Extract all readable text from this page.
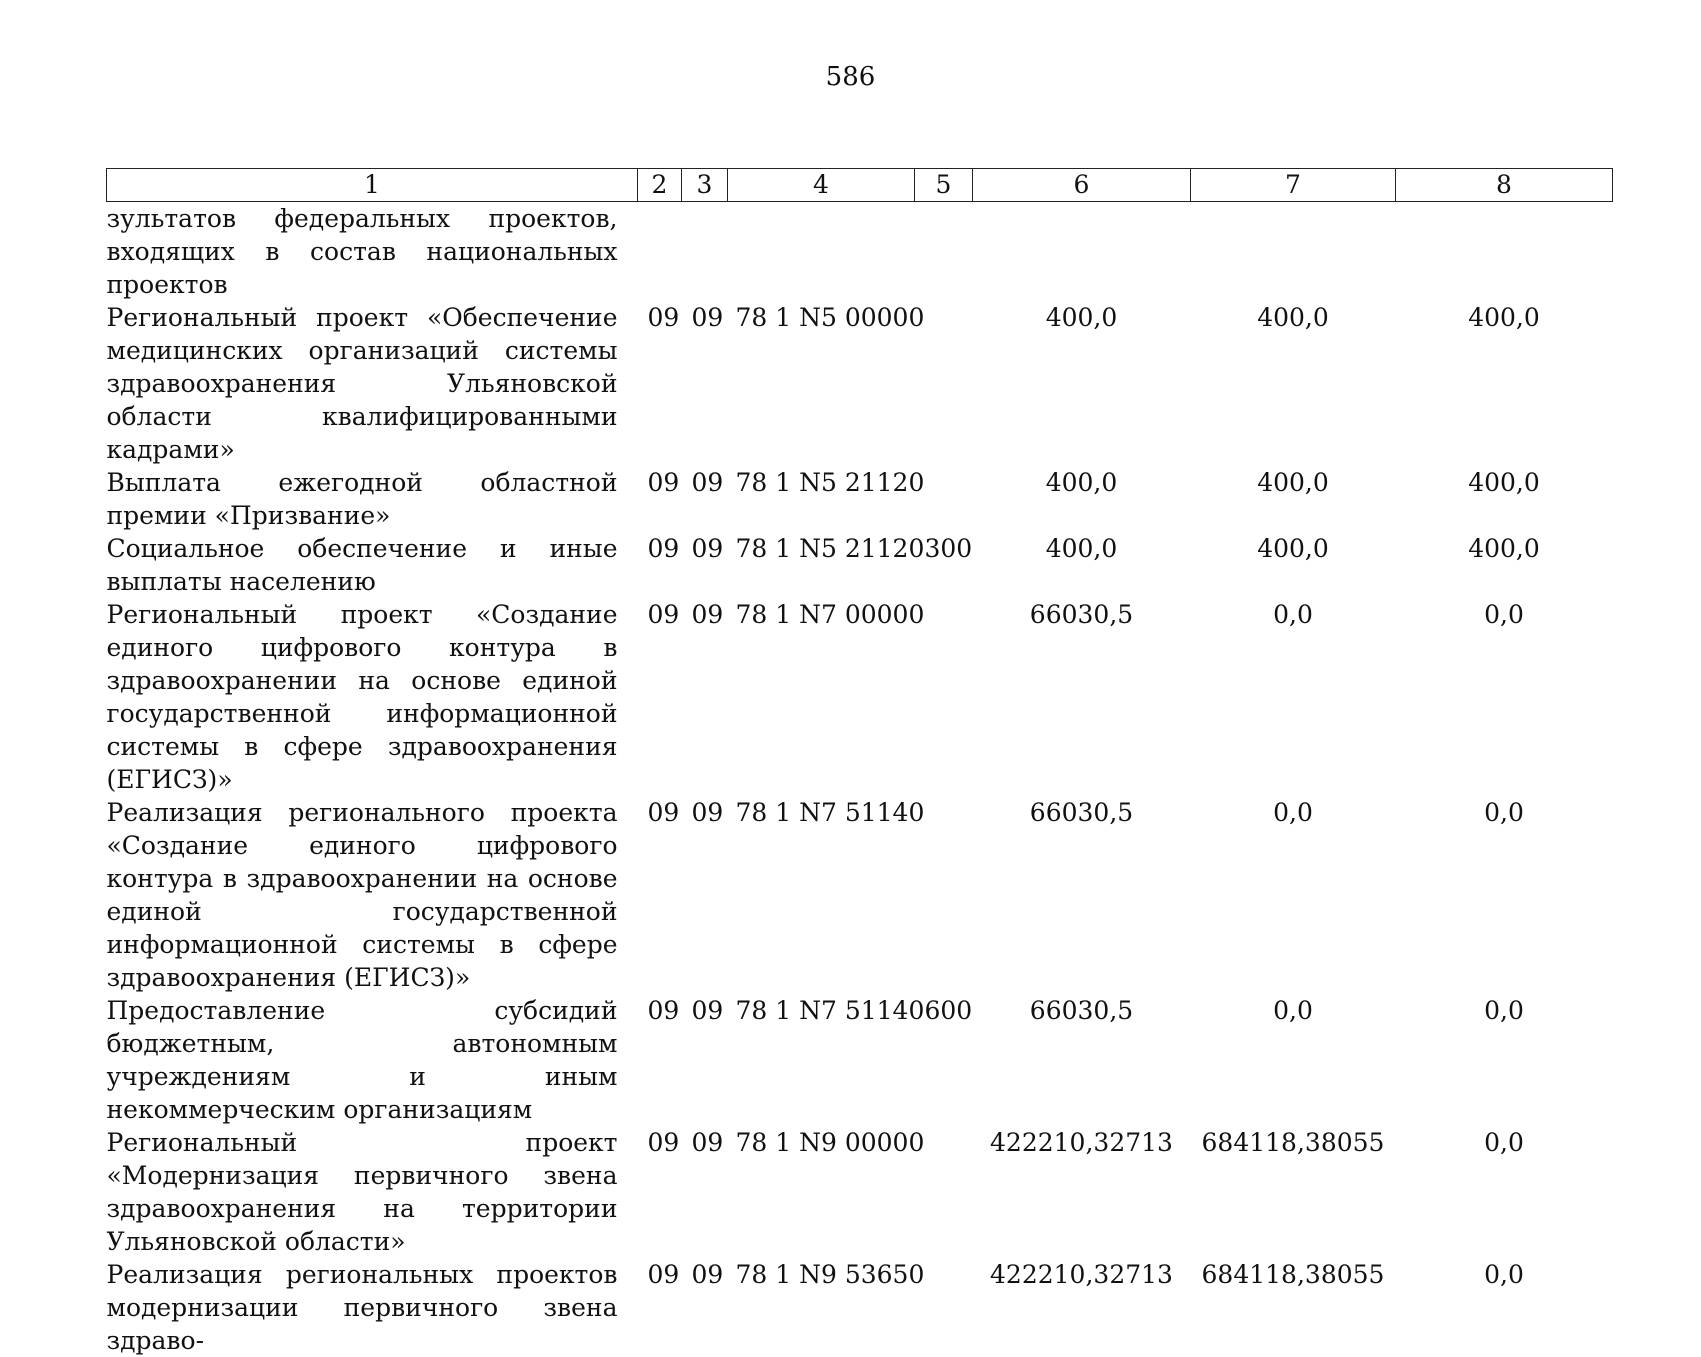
586
1	2	3	4	5	6	7	8
зультатов федеральных проектов, входящих в состав национальных проектов							
Региональный проект «Обеспечение медицинских организаций системы здравоохранения Ульяновской области квалифицированными кадрами»	09	09	78 1 N5 00000		400,0	400,0	400,0
Выплата ежегодной областной премии «Призвание»	09	09	78 1 N5 21120		400,0	400,0	400,0
Социальное обеспечение и иные выплаты населению	09	09	78 1 N5 21120	300	400,0	400,0	400,0
Региональный проект «Создание единого цифрового контура в здравоохранении на основе единой государственной информационной системы в сфере здравоохранения (ЕГИСЗ)»	09	09	78 1 N7 00000		66030,5	0,0	0,0
Реализация регионального проекта «Создание единого цифрового контура в здравоохранении на основе единой государственной информационной системы в сфере здравоохранения (ЕГИСЗ)»	09	09	78 1 N7 51140		66030,5	0,0	0,0
Предоставление субсидий бюджетным, автономным учреждениям и иным некоммерческим организациям	09	09	78 1 N7 51140	600	66030,5	0,0	0,0
Региональный проект «Модернизация первичного звена здравоохранения на территории Ульяновской области»	09	09	78 1 N9 00000		422210,32713	684118,38055	0,0
Реализация региональных проектов модернизации первичного звена здраво-	09	09	78 1 N9 53650		422210,32713	684118,38055	0,0
